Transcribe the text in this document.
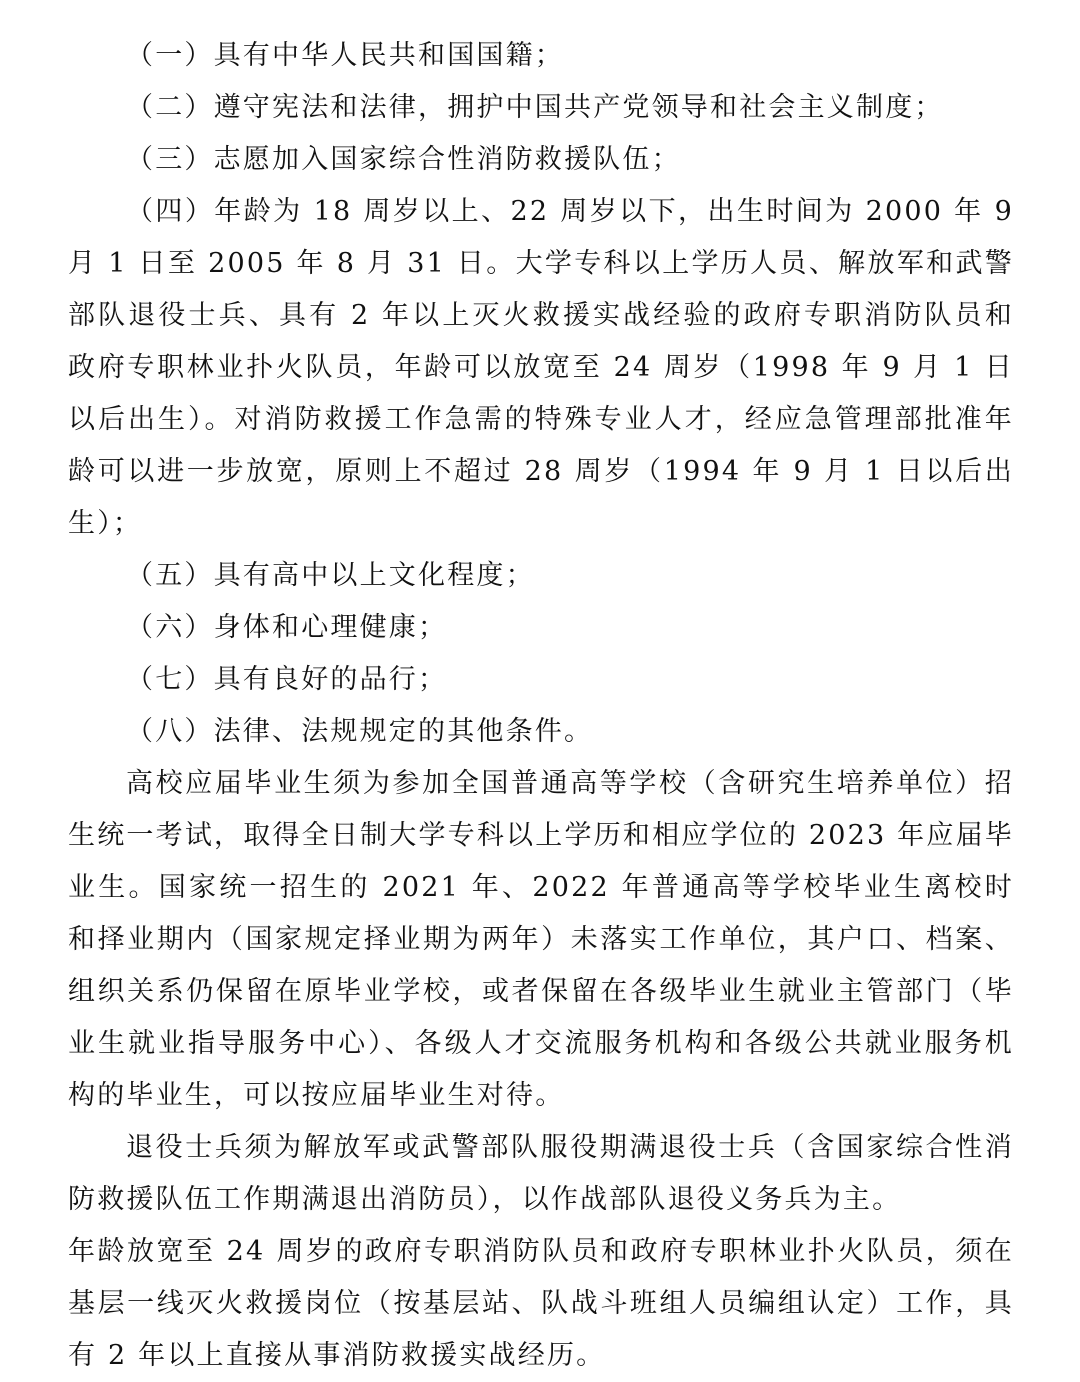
（一）具有中华人民共和国国籍；

（二）遵守宪法和法律，拥护中国共产党领导和社会主义制度；

（三）志愿加入国家综合性消防救援队伍；

（四）年龄为 18 周岁以上、22 周岁以下，出生时间为 2000 年 9 月 1 日至 2005 年 8 月 31 日。大学专科以上学历人员、解放军和武警部队退役士兵、具有 2 年以上灭火救援实战经验的政府专职消防队员和政府专职林业扑火队员，年龄可以放宽至 24 周岁（1998 年 9 月 1 日以后出生）。对消防救援工作急需的特殊专业人才，经应急管理部批准年龄可以进一步放宽，原则上不超过 28 周岁（1994 年 9 月 1 日以后出生）；

（五）具有高中以上文化程度；

（六）身体和心理健康；

（七）具有良好的品行；

（八）法律、法规规定的其他条件。

高校应届毕业生须为参加全国普通高等学校（含研究生培养单位）招生统一考试，取得全日制大学专科以上学历和相应学位的 2023 年应届毕业生。国家统一招生的 2021 年、2022 年普通高等学校毕业生离校时和择业期内（国家规定择业期为两年）未落实工作单位，其户口、档案、组织关系仍保留在原毕业学校，或者保留在各级毕业生就业主管部门（毕业生就业指导服务中心）、各级人才交流服务机构和各级公共就业服务机构的毕业生，可以按应届毕业生对待。

退役士兵须为解放军或武警部队服役期满退役士兵（含国家综合性消防救援队伍工作期满退出消防员），以作战部队退役义务兵为主。

年龄放宽至 24 周岁的政府专职消防队员和政府专职林业扑火队员，须在基层一线灭火救援岗位（按基层站、队战斗班组人员编组认定）工作，具有 2 年以上直接从事消防救援实战经历。
